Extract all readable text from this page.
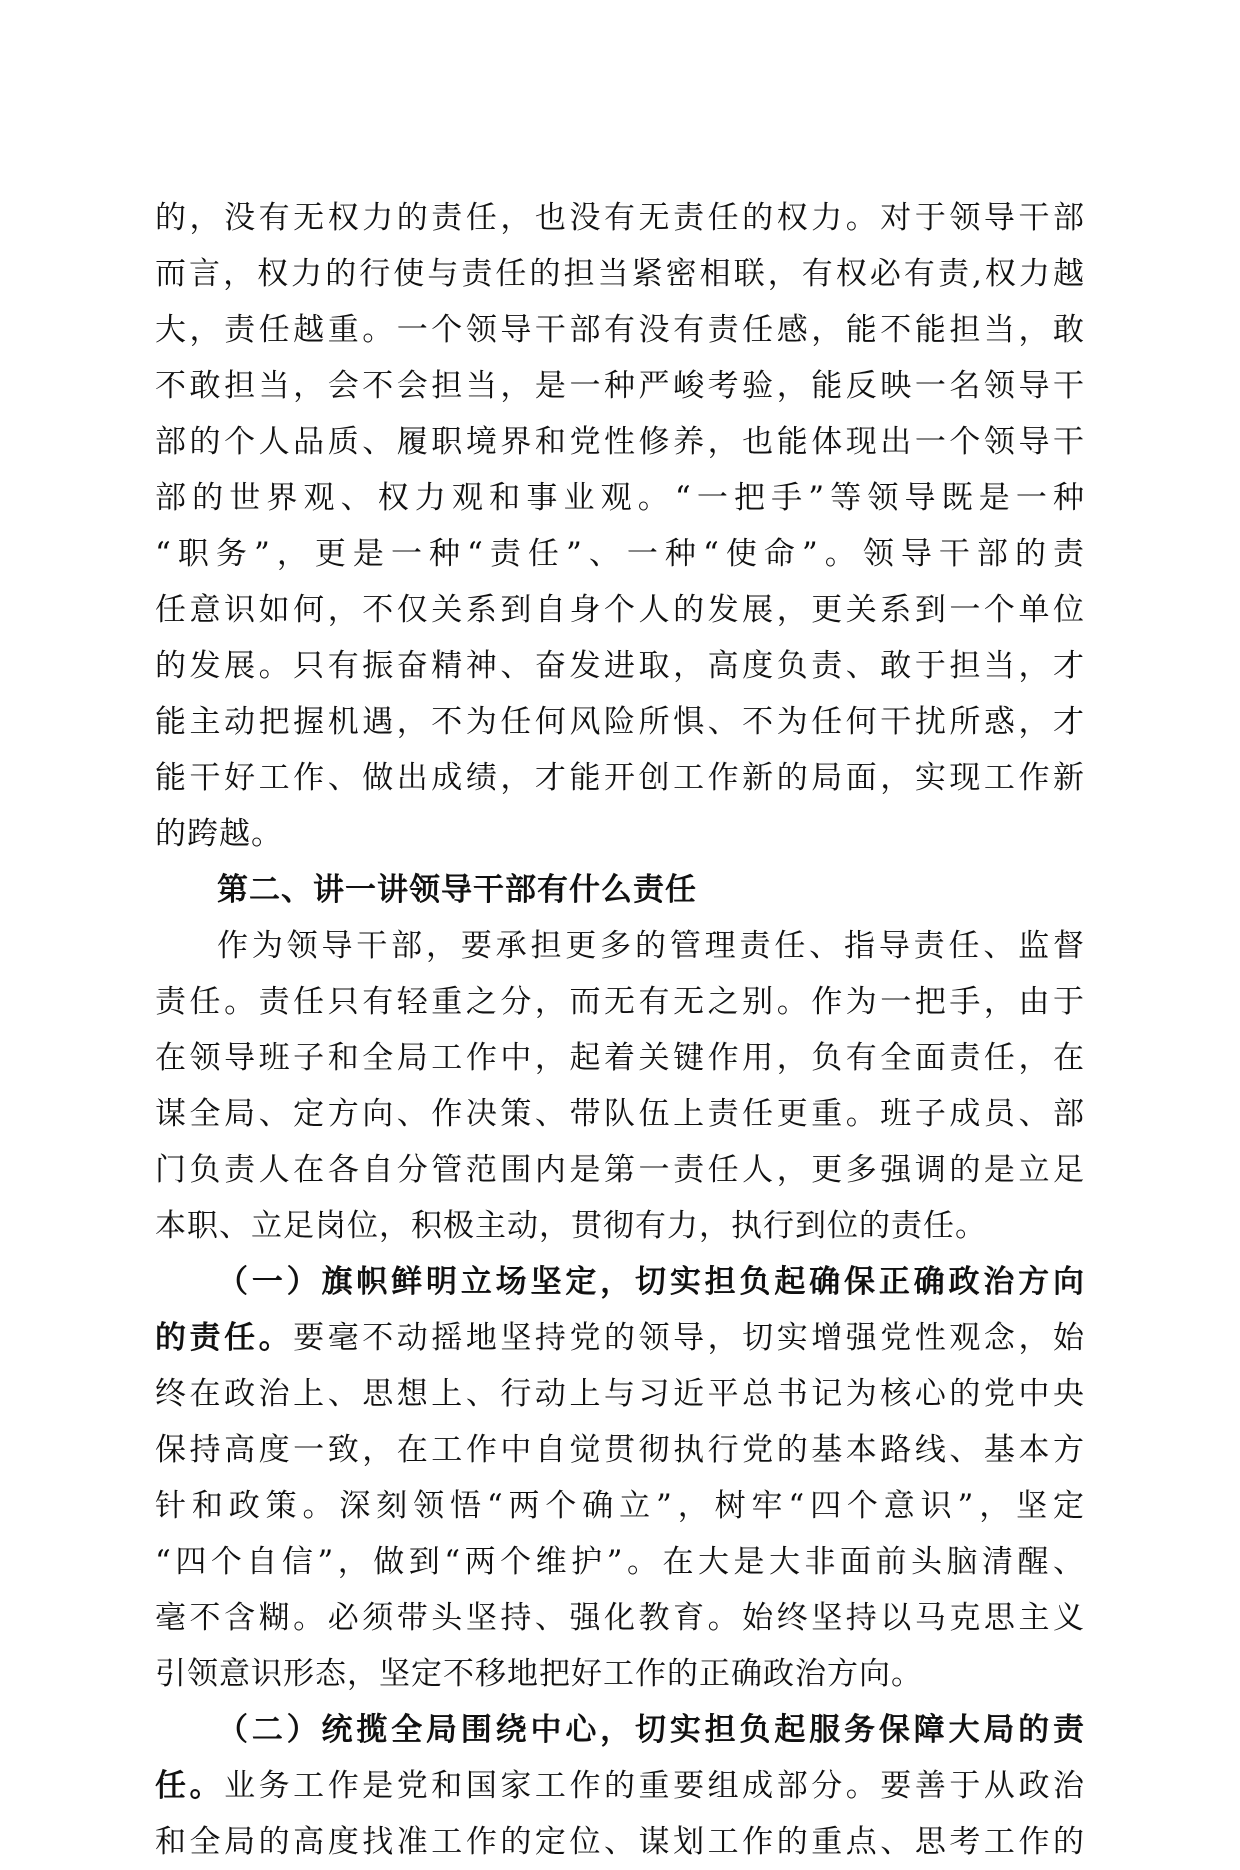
的，没有无权力的责任，也没有无责任的权力。对于领导干部
而言，权力的行使与责任的担当紧密相联，有权必有责,权力越
大，责任越重。一个领导干部有没有责任感，能不能担当，敢
不敢担当，会不会担当，是一种严峻考验，能反映一名领导干
部的个人品质、履职境界和党性修养，也能体现出一个领导干
部的世界观、权力观和事业观。“一把手”等领导既是一种
“职务”，更是一种“责任”、一种“使命”。领导干部的责
任意识如何，不仅关系到自身个人的发展，更关系到一个单位
的发展。只有振奋精神、奋发进取，高度负责、敢于担当，才
能主动把握机遇，不为任何风险所惧、不为任何干扰所惑，才
能干好工作、做出成绩，才能开创工作新的局面，实现工作新
的跨越。
第二、讲一讲领导干部有什么责任
作为领导干部，要承担更多的管理责任、指导责任、监督
责任。责任只有轻重之分，而无有无之别。作为一把手，由于
在领导班子和全局工作中，起着关键作用，负有全面责任，在
谋全局、定方向、作决策、带队伍上责任更重。班子成员、部
门负责人在各自分管范围内是第一责任人，更多强调的是立足
本职、立足岗位，积极主动，贯彻有力，执行到位的责任。
（一）旗帜鲜明立场坚定，切实担负起确保正确政治方向
的责任。要毫不动摇地坚持党的领导，切实增强党性观念，始
终在政治上、思想上、行动上与习近平总书记为核心的党中央
保持高度一致，在工作中自觉贯彻执行党的基本路线、基本方
针和政策。深刻领悟“两个确立”，树牢“四个意识”，坚定
“四个自信”，做到“两个维护”。在大是大非面前头脑清醒、
毫不含糊。必须带头坚持、强化教育。始终坚持以马克思主义
引领意识形态，坚定不移地把好工作的正确政治方向。
（二）统揽全局围绕中心，切实担负起服务保障大局的责
任。业务工作是党和国家工作的重要组成部分。要善于从政治
和全局的高度找准工作的定位、谋划工作的重点、思考工作的
